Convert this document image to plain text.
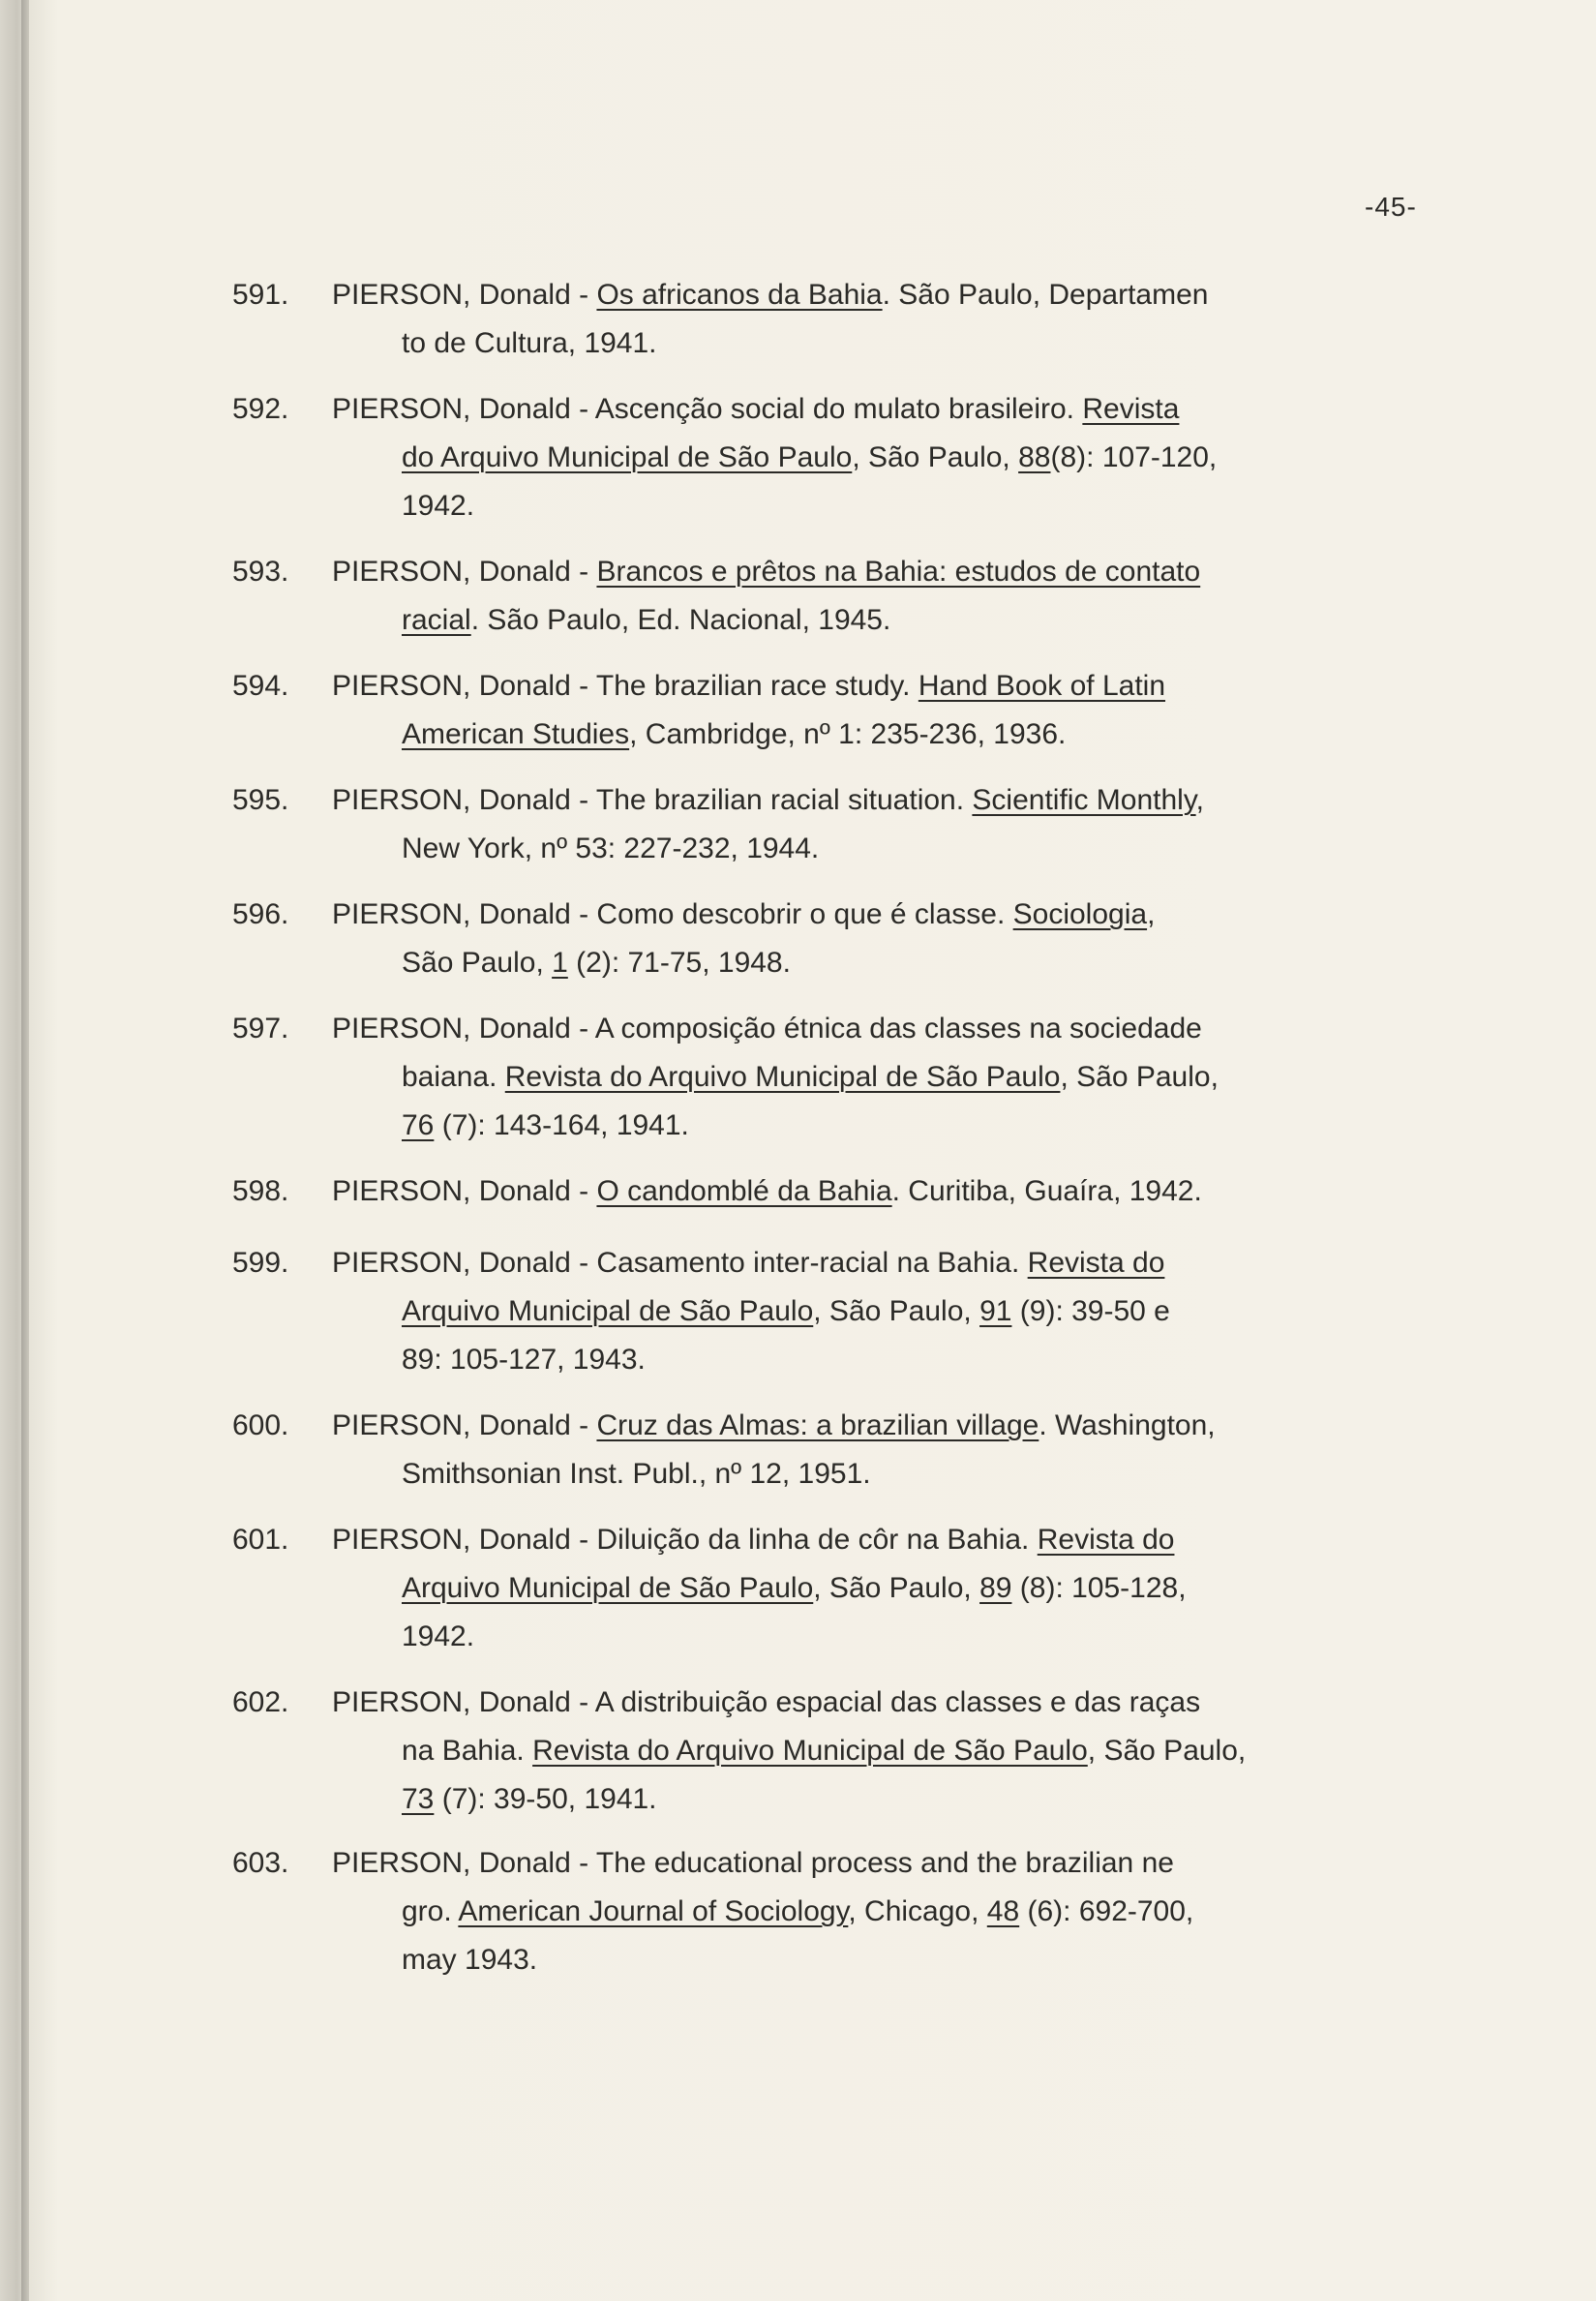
-45-
591.	PIERSON, Donald - Os africanos da Bahia. São Paulo, Departamen
to de Cultura, 1941.
592.	PIERSON, Donald - Ascenção social do mulato brasileiro. Revista
do Arquivo Municipal de São Paulo, São Paulo, 88(8): 107-120,
1942.
593.	PIERSON, Donald - Brancos e prêtos na Bahia: estudos de contato
racial. São Paulo, Ed. Nacional, 1945.
594.	PIERSON, Donald - The brazilian race study. Hand Book of Latin
American Studies, Cambridge, nº 1: 235-236, 1936.
595.	PIERSON, Donald - The brazilian racial situation. Scientific Monthly,
New York, nº 53: 227-232, 1944.
596.	PIERSON, Donald - Como descobrir o que é classe. Sociologia,
São Paulo, 1 (2): 71-75, 1948.
597.	PIERSON, Donald - A composição étnica das classes na sociedade
baiana. Revista do Arquivo Municipal de São Paulo, São Paulo,
76 (7): 143-164, 1941.
598.	PIERSON, Donald - O candomblé da Bahia. Curitiba, Guaíra, 1942.
599.	PIERSON, Donald - Casamento inter-racial na Bahia. Revista do
Arquivo Municipal de São Paulo, São Paulo, 91 (9): 39-50 e
89: 105-127, 1943.
600.	PIERSON, Donald - Cruz das Almas: a brazilian village. Washington,
Smithsonian Inst. Publ., nº 12, 1951.
601.	PIERSON, Donald - Diluição da linha de côr na Bahia. Revista do
Arquivo Municipal de São Paulo, São Paulo, 89 (8): 105-128,
1942.
602.	PIERSON, Donald - A distribuição espacial das classes e das raças
na Bahia. Revista do Arquivo Municipal de São Paulo, São Paulo,
73 (7): 39-50, 1941.
603.	PIERSON, Donald - The educational process and the brazilian ne
gro. American Journal of Sociology, Chicago, 48 (6): 692-700,
may 1943.
